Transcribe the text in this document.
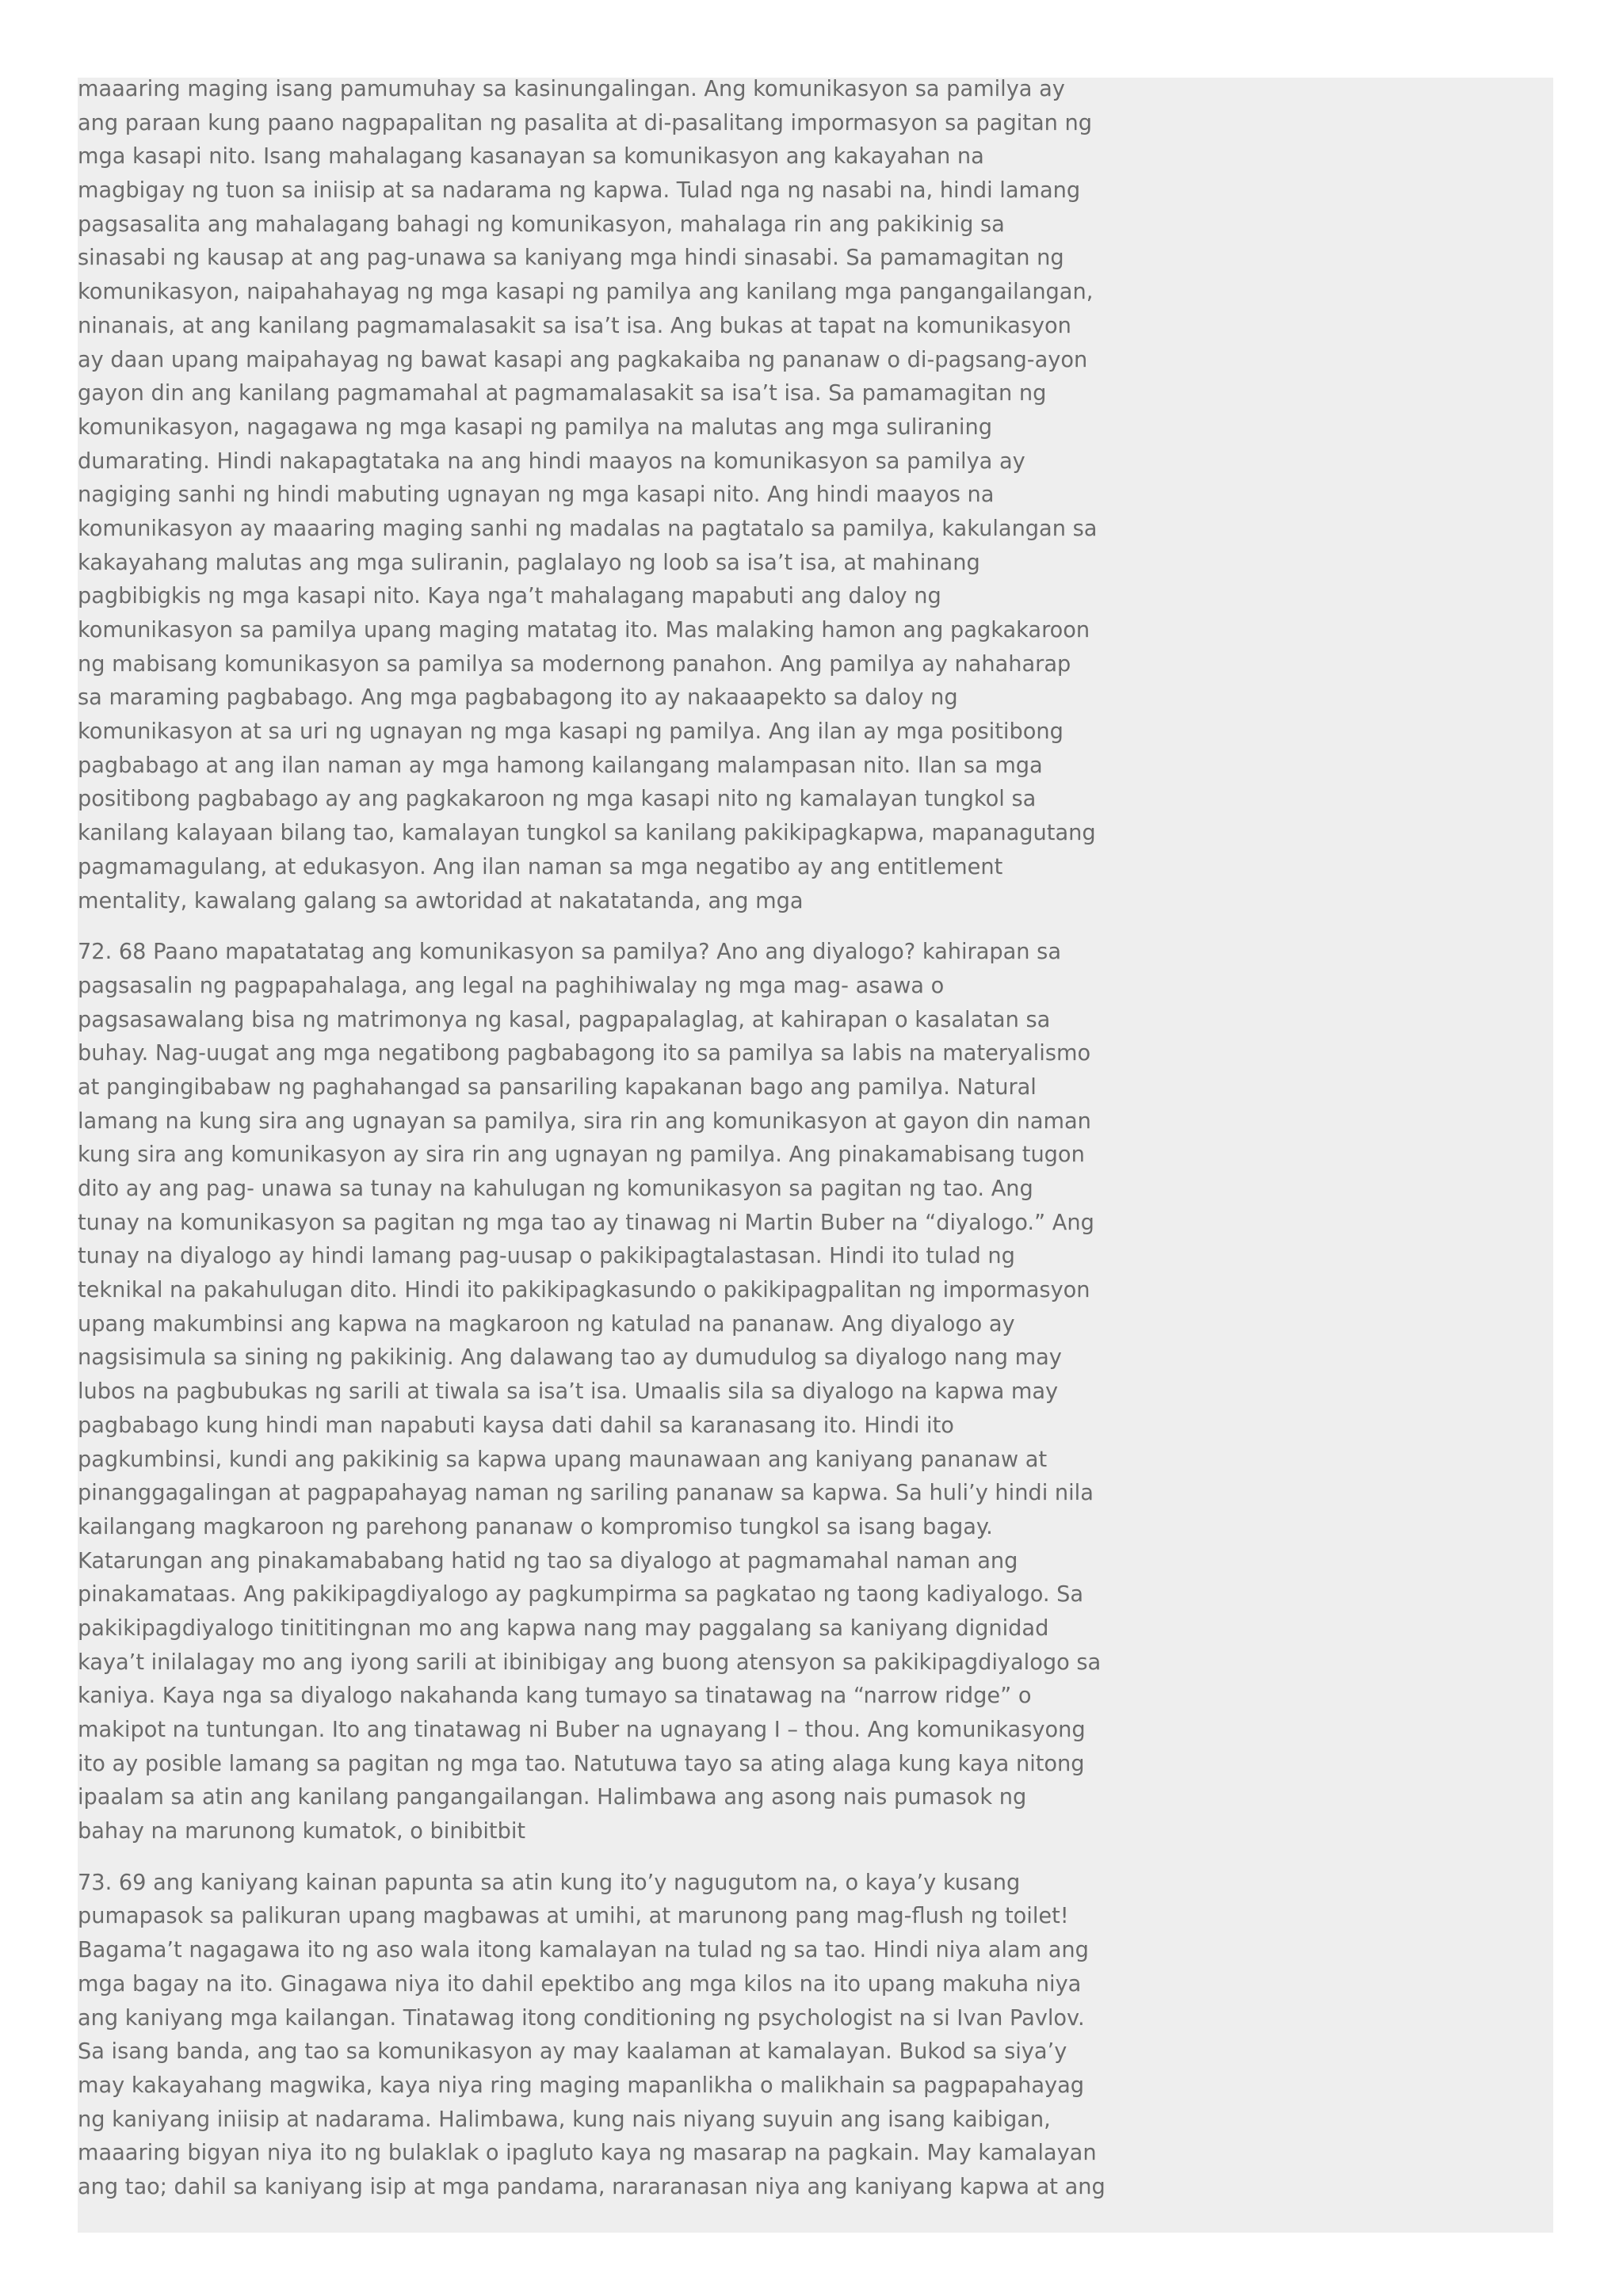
maaaring maging isang pamumuhay sa kasinungalingan. Ang komunikasyon sa pamilya ay
ang paraan kung paano nagpapalitan ng pasalita at di-pasalitang impormasyon sa pagitan ng
mga kasapi nito. Isang mahalagang kasanayan sa komunikasyon ang kakayahan na
magbigay ng tuon sa iniisip at sa nadarama ng kapwa. Tulad nga ng nasabi na, hindi lamang
pagsasalita ang mahalagang bahagi ng komunikasyon, mahalaga rin ang pakikinig sa
sinasabi ng kausap at ang pag-unawa sa kaniyang mga hindi sinasabi. Sa pamamagitan ng
komunikasyon, naipahahayag ng mga kasapi ng pamilya ang kanilang mga pangangailangan,
ninanais, at ang kanilang pagmamalasakit sa isa’t isa. Ang bukas at tapat na komunikasyon
ay daan upang maipahayag ng bawat kasapi ang pagkakaiba ng pananaw o di-pagsang-ayon
gayon din ang kanilang pagmamahal at pagmamalasakit sa isa’t isa. Sa pamamagitan ng
komunikasyon, nagagawa ng mga kasapi ng pamilya na malutas ang mga suliraning
dumarating. Hindi nakapagtataka na ang hindi maayos na komunikasyon sa pamilya ay
nagiging sanhi ng hindi mabuting ugnayan ng mga kasapi nito. Ang hindi maayos na
komunikasyon ay maaaring maging sanhi ng madalas na pagtatalo sa pamilya, kakulangan sa
kakayahang malutas ang mga suliranin, paglalayo ng loob sa isa’t isa, at mahinang
pagbibigkis ng mga kasapi nito. Kaya nga’t mahalagang mapabuti ang daloy ng
komunikasyon sa pamilya upang maging matatag ito. Mas malaking hamon ang pagkakaroon
ng mabisang komunikasyon sa pamilya sa modernong panahon. Ang pamilya ay nahaharap
sa maraming pagbabago. Ang mga pagbabagong ito ay nakaaapekto sa daloy ng
komunikasyon at sa uri ng ugnayan ng mga kasapi ng pamilya. Ang ilan ay mga positibong
pagbabago at ang ilan naman ay mga hamong kailangang malampasan nito. Ilan sa mga
positibong pagbabago ay ang pagkakaroon ng mga kasapi nito ng kamalayan tungkol sa
kanilang kalayaan bilang tao, kamalayan tungkol sa kanilang pakikipagkapwa, mapanagutang
pagmamagulang, at edukasyon. Ang ilan naman sa mga negatibo ay ang entitlement
mentality, kawalang galang sa awtoridad at nakatatanda, ang mga
72. 68 Paano mapatatatag ang komunikasyon sa pamilya? Ano ang diyalogo? kahirapan sa
pagsasalin ng pagpapahalaga, ang legal na paghihiwalay ng mga mag- asawa o
pagsasawalang bisa ng matrimonya ng kasal, pagpapalaglag, at kahirapan o kasalatan sa
buhay. Nag-uugat ang mga negatibong pagbabagong ito sa pamilya sa labis na materyalismo
at pangingibabaw ng paghahangad sa pansariling kapakanan bago ang pamilya. Natural
lamang na kung sira ang ugnayan sa pamilya, sira rin ang komunikasyon at gayon din naman
kung sira ang komunikasyon ay sira rin ang ugnayan ng pamilya. Ang pinakamabisang tugon
dito ay ang pag- unawa sa tunay na kahulugan ng komunikasyon sa pagitan ng tao. Ang
tunay na komunikasyon sa pagitan ng mga tao ay tinawag ni Martin Buber na “diyalogo.” Ang
tunay na diyalogo ay hindi lamang pag-uusap o pakikipagtalastasan. Hindi ito tulad ng
teknikal na pakahulugan dito. Hindi ito pakikipagkasundo o pakikipagpalitan ng impormasyon
upang makumbinsi ang kapwa na magkaroon ng katulad na pananaw. Ang diyalogo ay
nagsisimula sa sining ng pakikinig. Ang dalawang tao ay dumudulog sa diyalogo nang may
lubos na pagbubukas ng sarili at tiwala sa isa’t isa. Umaalis sila sa diyalogo na kapwa may
pagbabago kung hindi man napabuti kaysa dati dahil sa karanasang ito. Hindi ito
pagkumbinsi, kundi ang pakikinig sa kapwa upang maunawaan ang kaniyang pananaw at
pinanggagalingan at pagpapahayag naman ng sariling pananaw sa kapwa. Sa huli’y hindi nila
kailangang magkaroon ng parehong pananaw o kompromiso tungkol sa isang bagay.
Katarungan ang pinakamababang hatid ng tao sa diyalogo at pagmamahal naman ang
pinakamataas. Ang pakikipagdiyalogo ay pagkumpirma sa pagkatao ng taong kadiyalogo. Sa
pakikipagdiyalogo tinititingnan mo ang kapwa nang may paggalang sa kaniyang dignidad
kaya’t inilalagay mo ang iyong sarili at ibinibigay ang buong atensyon sa pakikipagdiyalogo sa
kaniya. Kaya nga sa diyalogo nakahanda kang tumayo sa tinatawag na “narrow ridge” o
makipot na tuntungan. Ito ang tinatawag ni Buber na ugnayang I – thou. Ang komunikasyong
ito ay posible lamang sa pagitan ng mga tao. Natutuwa tayo sa ating alaga kung kaya nitong
ipaalam sa atin ang kanilang pangangailangan. Halimbawa ang asong nais pumasok ng
bahay na marunong kumatok, o binibitbit
73. 69 ang kaniyang kainan papunta sa atin kung ito’y nagugutom na, o kaya’y kusang
pumapasok sa palikuran upang magbawas at umihi, at marunong pang mag-flush ng toilet!
Bagama’t nagagawa ito ng aso wala itong kamalayan na tulad ng sa tao. Hindi niya alam ang
mga bagay na ito. Ginagawa niya ito dahil epektibo ang mga kilos na ito upang makuha niya
ang kaniyang mga kailangan. Tinatawag itong conditioning ng psychologist na si Ivan Pavlov.
Sa isang banda, ang tao sa komunikasyon ay may kaalaman at kamalayan. Bukod sa siya’y
may kakayahang magwika, kaya niya ring maging mapanlikha o malikhain sa pagpapahayag
ng kaniyang iniisip at nadarama. Halimbawa, kung nais niyang suyuin ang isang kaibigan,
maaaring bigyan niya ito ng bulaklak o ipagluto kaya ng masarap na pagkain. May kamalayan
ang tao; dahil sa kaniyang isip at mga pandama, nararanasan niya ang kaniyang kapwa at ang
